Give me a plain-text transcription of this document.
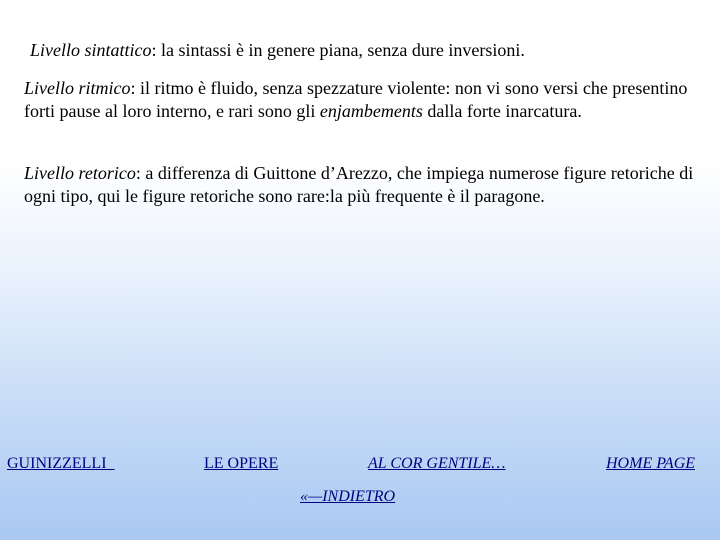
Livello sintattico: la sintassi è in genere piana, senza dure inversioni.

Livello ritmico: il ritmo è fluido, senza spezzature violente: non vi sono versi che presentino forti pause al loro interno, e rari sono gli enjambements dalla forte inarcatura.

Livello retorico: a differenza di Guittone d’Arezzo, che impiega numerose figure retoriche di ogni tipo, qui le figure retoriche sono rare:la più frequente è il paragone.

GUINIZZELLI	LE OPERE	AL COR GENTILE…	HOME PAGE
«—INDIETRO
